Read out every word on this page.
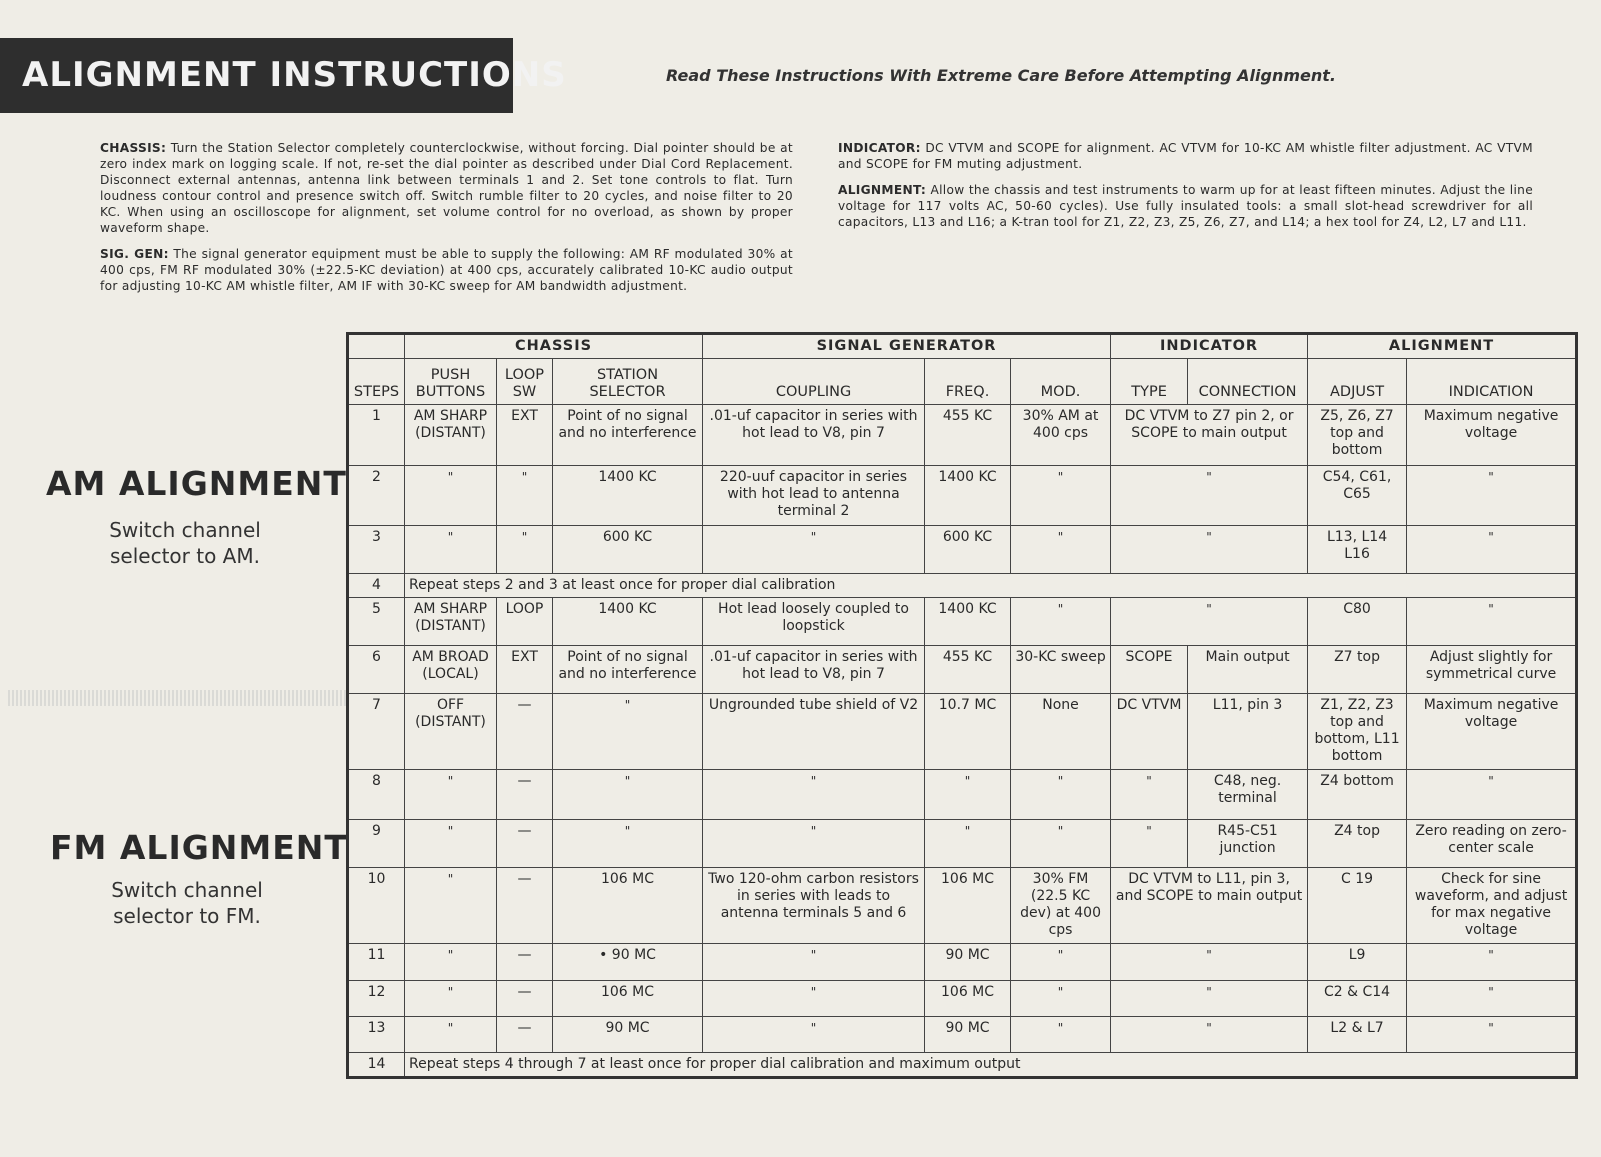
ALIGNMENT INSTRUCTIONS	Read These Instructions With Extreme Care Before Attempting Alignment.

CHASSIS: Turn the Station Selector completely counterclockwise, without forcing. Dial pointer should be at zero index mark on logging scale. If not, re-set the dial pointer as described under Dial Cord Replacement. Disconnect external antennas, antenna link between terminals 1 and 2. Set tone controls to flat. Turn loudness contour control and presence switch off. Switch rumble filter to 20 cycles, and noise filter to 20 KC. When using an oscilloscope for alignment, set volume control for no overload, as shown by proper waveform shape.

SIG. GEN: The signal generator equipment must be able to supply the following: AM RF modulated 30% at 400 cps, FM RF modulated 30% (±22.5-KC deviation) at 400 cps, accurately calibrated 10-KC audio output for adjusting 10-KC AM whistle filter, AM IF with 30-KC sweep for AM bandwidth adjustment.

INDICATOR: DC VTVM and SCOPE for alignment. AC VTVM for 10-KC AM whistle filter adjustment. AC VTVM and SCOPE for FM muting adjustment.

ALIGNMENT: Allow the chassis and test instruments to warm up for at least fifteen minutes. Adjust the line voltage for 117 volts AC, 50-60 cycles). Use fully insulated tools: a small slot-head screwdriver for all capacitors, L13 and L16; a K-tran tool for Z1, Z2, Z3, Z5, Z6, Z7, and L14; a hex tool for Z4, L2, L7 and L11.

AM ALIGNMENT
Switch channel
selector to AM.
FM ALIGNMENT
Switch channel
selector to FM.
	CHASSIS			SIGNAL GENERATOR			INDICATOR		ALIGNMENT	
STEPS	PUSH BUTTONS	LOOP SW	STATION SELECTOR	COUPLING	FREQ.	MOD.	TYPE	CONNECTION	ADJUST	INDICATION
1	AM SHARP (DISTANT)	EXT	Point of no signal and no interference	.01-uf capacitor in series with hot lead to V8, pin 7	455 KC	30% AM at 400 cps	DC VTVM to Z7 pin 2, or SCOPE to main output		Z5, Z6, Z7 top and bottom	Maximum negative voltage
2	"	"	1400 KC	220-uuf capacitor in series with hot lead to antenna terminal 2	1400 KC	"	"		C54, C61, C65	"
3	"	"	600 KC	"	600 KC	"	"		L13, L14 L16	"
4	Repeat steps 2 and 3 at least once for proper dial calibration									
5	AM SHARP (DISTANT)	LOOP	1400 KC	Hot lead loosely coupled to loopstick	1400 KC	"	"		C80	"
6	AM BROAD (LOCAL)	EXT	Point of no signal and no interference	.01-uf capacitor in series with hot lead to V8, pin 7	455 KC	30-KC sweep	SCOPE	Main output	Z7 top	Adjust slightly for symmetrical curve
7	OFF (DISTANT)	—	"	Ungrounded tube shield of V2	10.7 MC	None	DC VTVM	L11, pin 3	Z1, Z2, Z3 top and bottom, L11 bottom	Maximum negative voltage
8	"	—	"	"	"	"	"	C48, neg. terminal	Z4 bottom	"
9	"	—	"	"	"	"	"	R45-C51 junction	Z4 top	Zero reading on zero-center scale
10	"	—	106 MC	Two 120-ohm carbon resistors in series with leads to antenna terminals 5 and 6	106 MC	30% FM (22.5 KC dev) at 400 cps	DC VTVM to L11, pin 3, and SCOPE to main output		C 19	Check for sine waveform, and adjust for max negative voltage
11	"	—	• 90 MC	"	90 MC	"	"		L9	"
12	"	—	106 MC	"	106 MC	"	"		C2 & C14	"
13	"	—	90 MC	"	90 MC	"	"		L2 & L7	"
14	Repeat steps 4 through 7 at least once for proper dial calibration and maximum output									
